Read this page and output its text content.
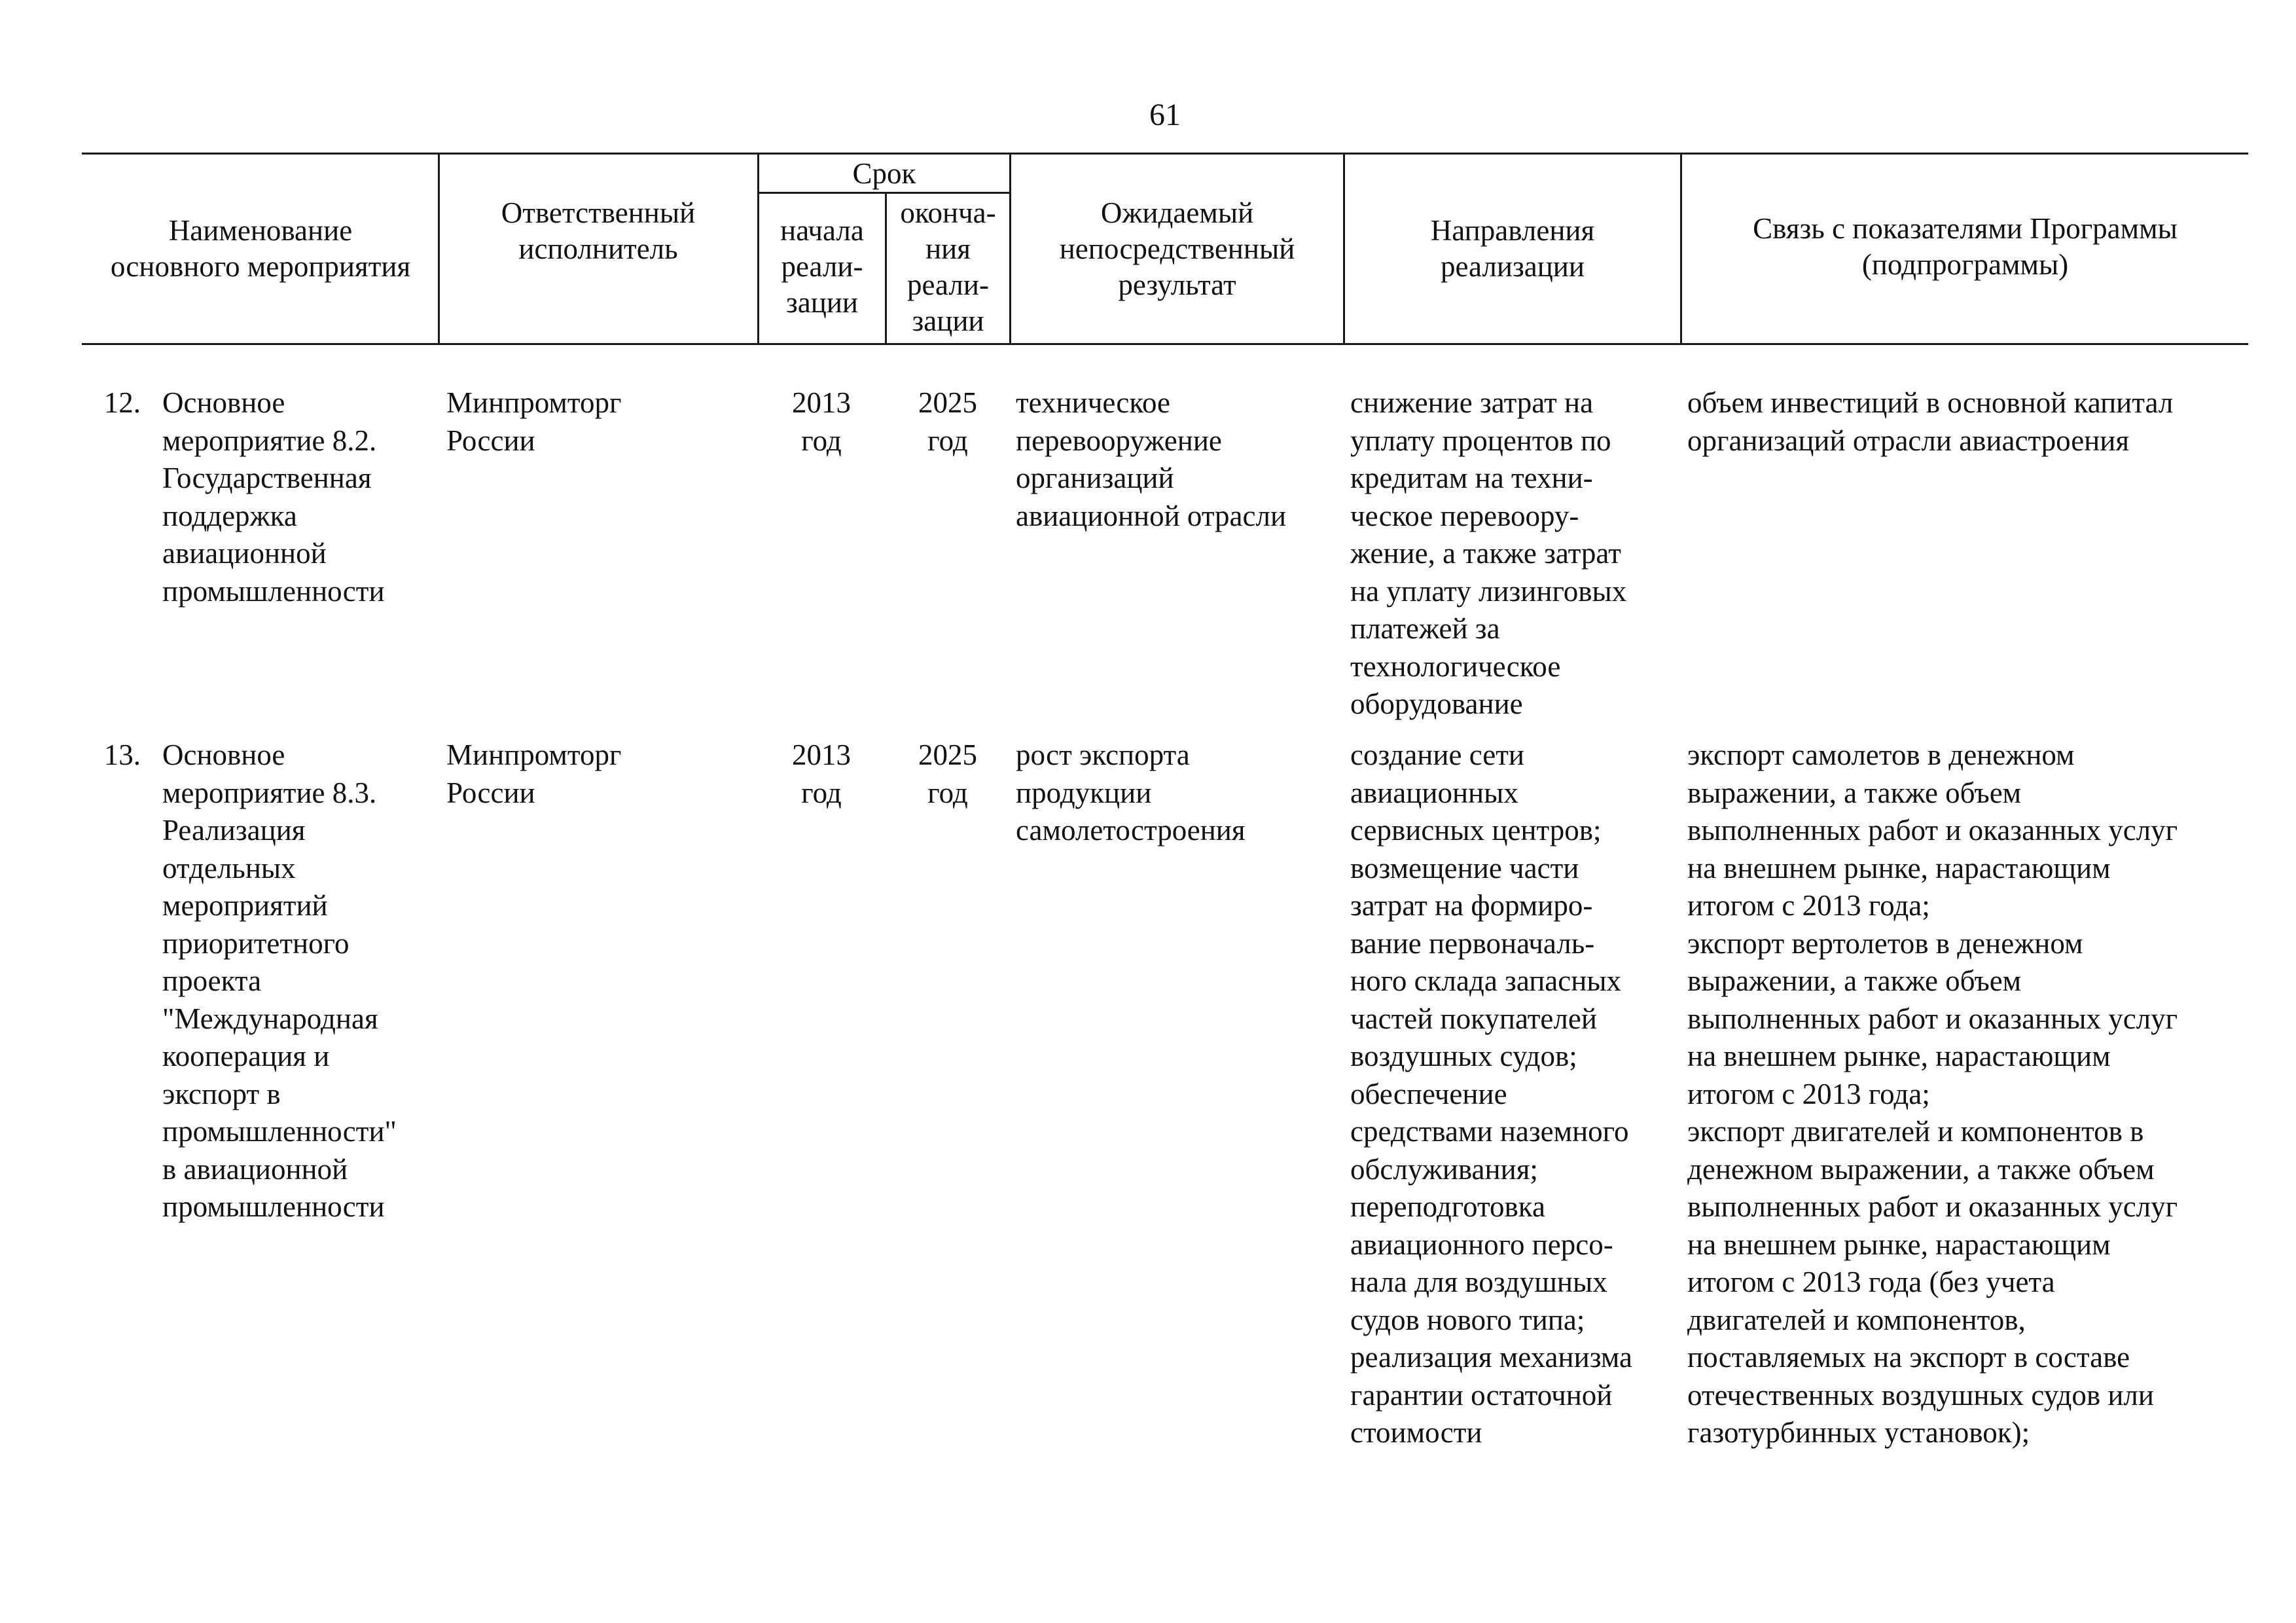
61
Наименование
основного мероприятия
Ответственный
исполнитель
Срок
начала
реали-
зации
оконча-
ния
реали-
зации
Ожидаемый
непосредственный
результат
Направления
реализации
Связь с показателями Программы
(подпрограммы)
12. Основное
мероприятие 8.2.
Государственная
поддержка
авиационной
промышленности
Минпромторг
России
2013
год
2025
год
техническое
перевооружение
организаций
авиационной отрасли
снижение затрат на
уплату процентов по
кредитам на техни-
ческое перевоору-
жение, а также затрат
на уплату лизинговых
платежей за
технологическое
оборудование
объем инвестиций в основной капитал
организаций отрасли авиастроения
13. Основное
мероприятие 8.3.
Реализация
отдельных
мероприятий
приоритетного
проекта
"Международная
кооперация и
экспорт в
промышленности"
в авиационной
промышленности
Минпромторг
России
2013
год
2025
год
рост экспорта
продукции
самолетостроения
создание сети
авиационных
сервисных центров;
возмещение части
затрат на формиро-
вание первоначаль-
ного склада запасных
частей покупателей
воздушных судов;
обеспечение
средствами наземного
обслуживания;
переподготовка
авиационного персо-
нала для воздушных
судов нового типа;
реализация механизма
гарантии остаточной
стоимости
экспорт самолетов в денежном
выражении, а также объем
выполненных работ и оказанных услуг
на внешнем рынке, нарастающим
итогом с 2013 года;
экспорт вертолетов в денежном
выражении, а также объем
выполненных работ и оказанных услуг
на внешнем рынке, нарастающим
итогом с 2013 года;
экспорт двигателей и компонентов в
денежном выражении, а также объем
выполненных работ и оказанных услуг
на внешнем рынке, нарастающим
итогом с 2013 года (без учета
двигателей и компонентов,
поставляемых на экспорт в составе
отечественных воздушных судов или
газотурбинных установок);
